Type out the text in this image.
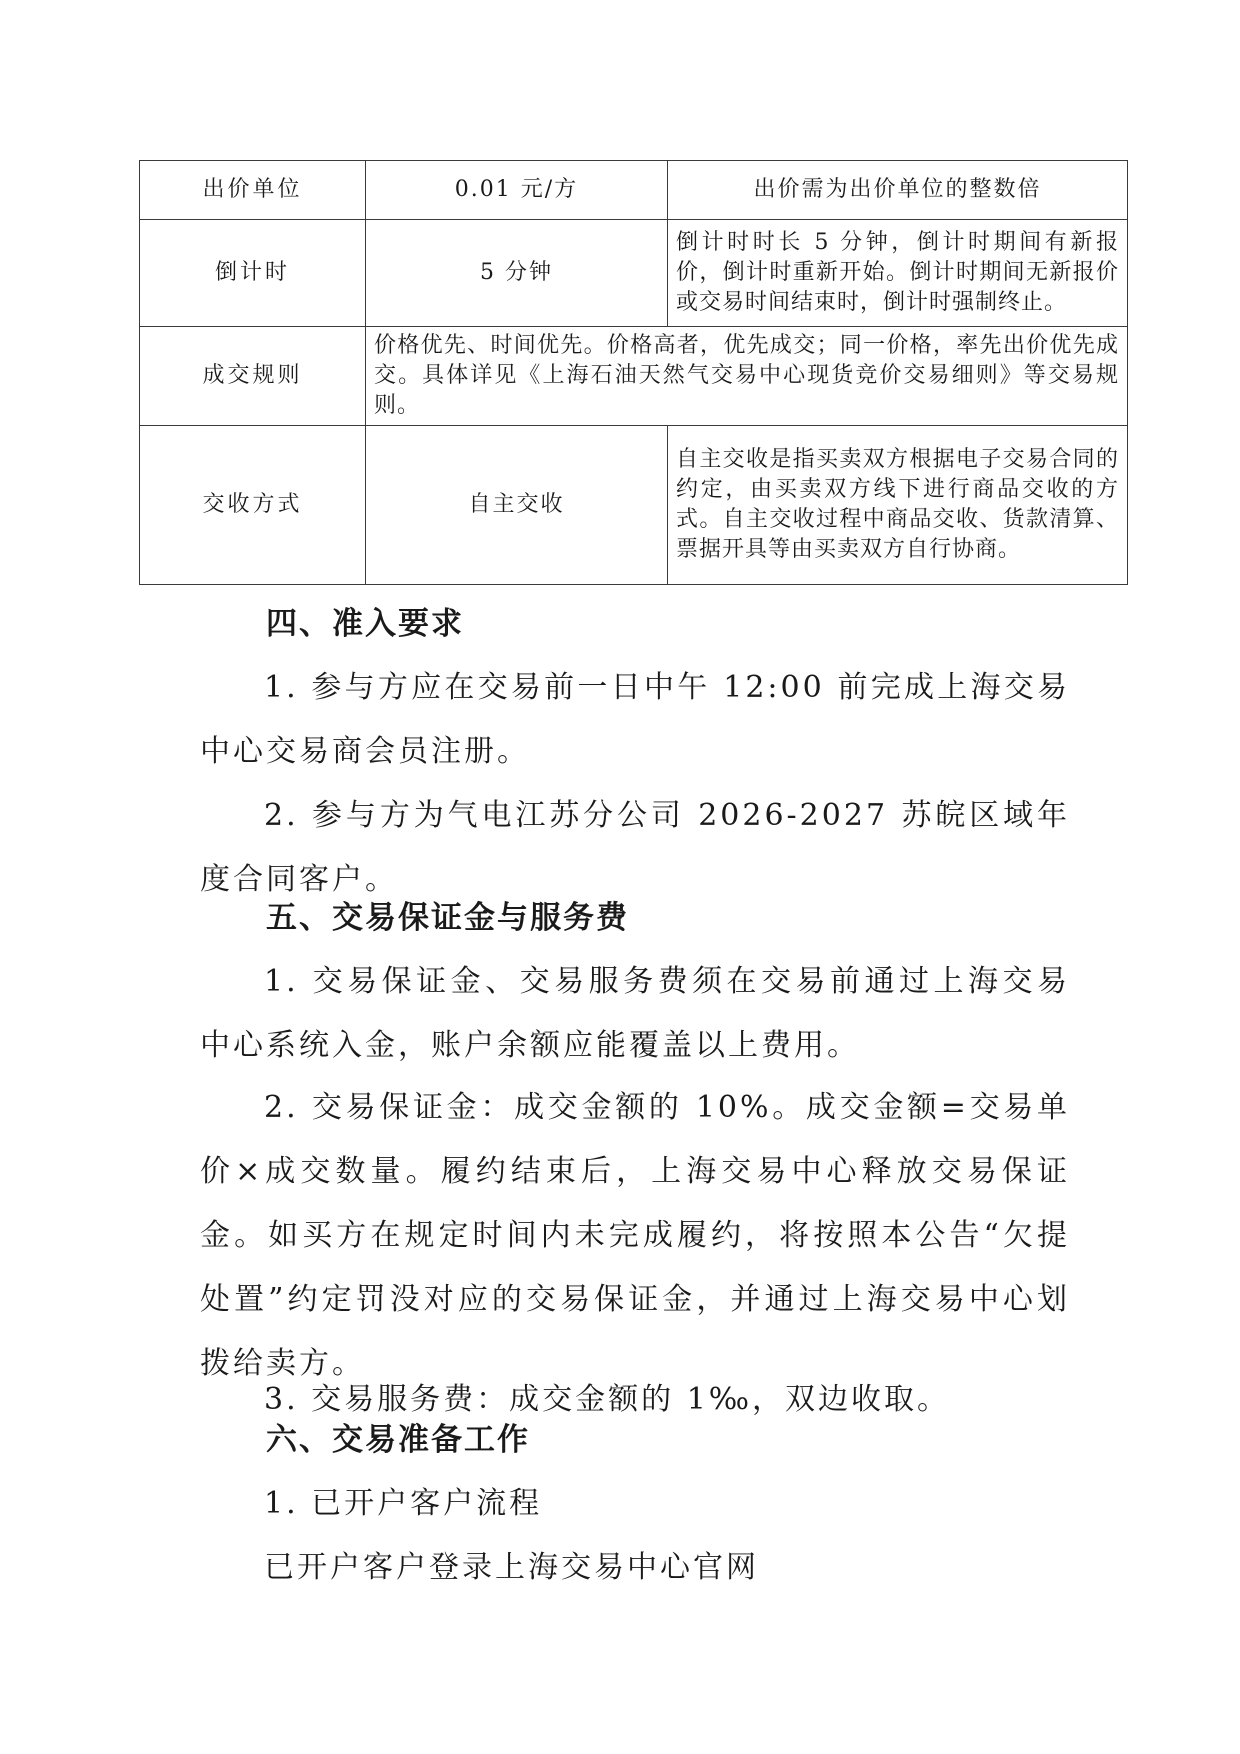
出价单位	0.01 元/方	出价需为出价单位的整数倍
倒计时	5 分钟	倒计时时长 5 分钟，倒计时期间有新报价，倒计时重新开始。倒计时期间无新报价或交易时间结束时，倒计时强制终止。
成交规则	价格优先、时间优先。价格高者，优先成交；同一价格，率先出价优先成交。具体详见《上海石油天然气交易中心现货竞价交易细则》等交易规则。	
交收方式	自主交收	自主交收是指买卖双方根据电子交易合同的约定，由买卖双方线下进行商品交收的方式。自主交收过程中商品交收、货款清算、票据开具等由买卖双方自行协商。
四、准入要求
1. 参与方应在交易前一日中午 12:00 前完成上海交易中心交易商会员注册。
2. 参与方为气电江苏分公司 2026-2027 苏皖区域年度合同客户。
五、交易保证金与服务费
1. 交易保证金、交易服务费须在交易前通过上海交易中心系统入金，账户余额应能覆盖以上费用。
2. 交易保证金：成交金额的 10%。成交金额=交易单价×成交数量。履约结束后，上海交易中心释放交易保证金。如买方在规定时间内未完成履约，将按照本公告“欠提处置”约定罚没对应的交易保证金，并通过上海交易中心划拨给卖方。
3. 交易服务费：成交金额的 1‰，双边收取。
六、交易准备工作
1. 已开户客户流程
已开户客户登录上海交易中心官网
